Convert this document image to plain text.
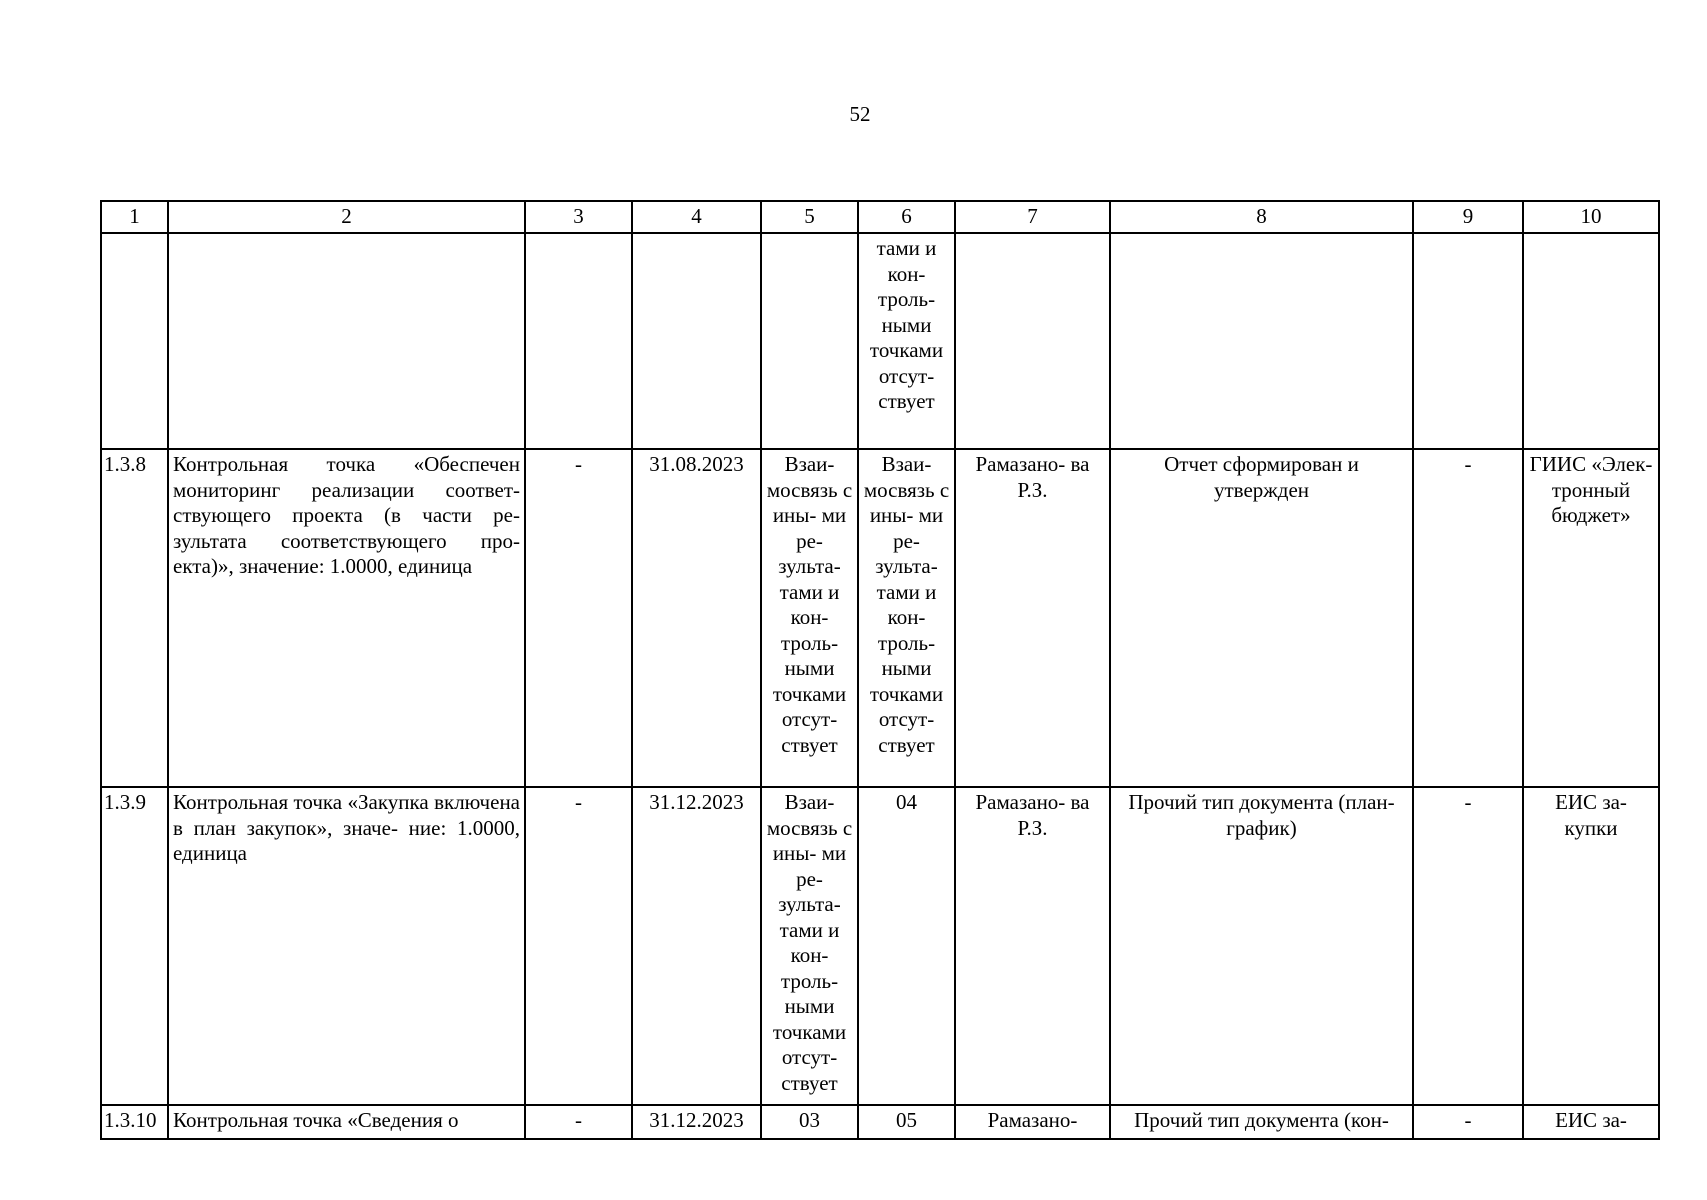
52
1	2	3	4	5	6	7	8	9	10
					тами и кон- троль- ными точками отсут- ствует				
1.3.8	Контрольная точка «Обеспечен мониторинг реализации соответ- ствующего проекта (в части ре- зультата соответствующего про- екта)», значение: 1.0000, единица	-	31.08.2023	Взаи- мосвязь с ины- ми ре- зульта- тами и кон- троль- ными точками отсут- ствует	Взаи- мосвязь с ины- ми ре- зульта- тами и кон- троль- ными точками отсут- ствует	Рамазано- ва Р.З.	Отчет сформирован и утвержден	-	ГИИС «Элек- тронный бюджет»
1.3.9	Контрольная точка «Закупка включена в план закупок», значе- ние: 1.0000, единица	-	31.12.2023	Взаи- мосвязь с ины- ми ре- зульта- тами и кон- троль- ными точками отсут- ствует	04	Рамазано- ва Р.З.	Прочий тип документа (план-график)	-	ЕИС за- купки
1.3.10	Контрольная точка «Сведения о	-	31.12.2023	03	05	Рамазано-	Прочий тип документа (кон-	-	ЕИС за-
